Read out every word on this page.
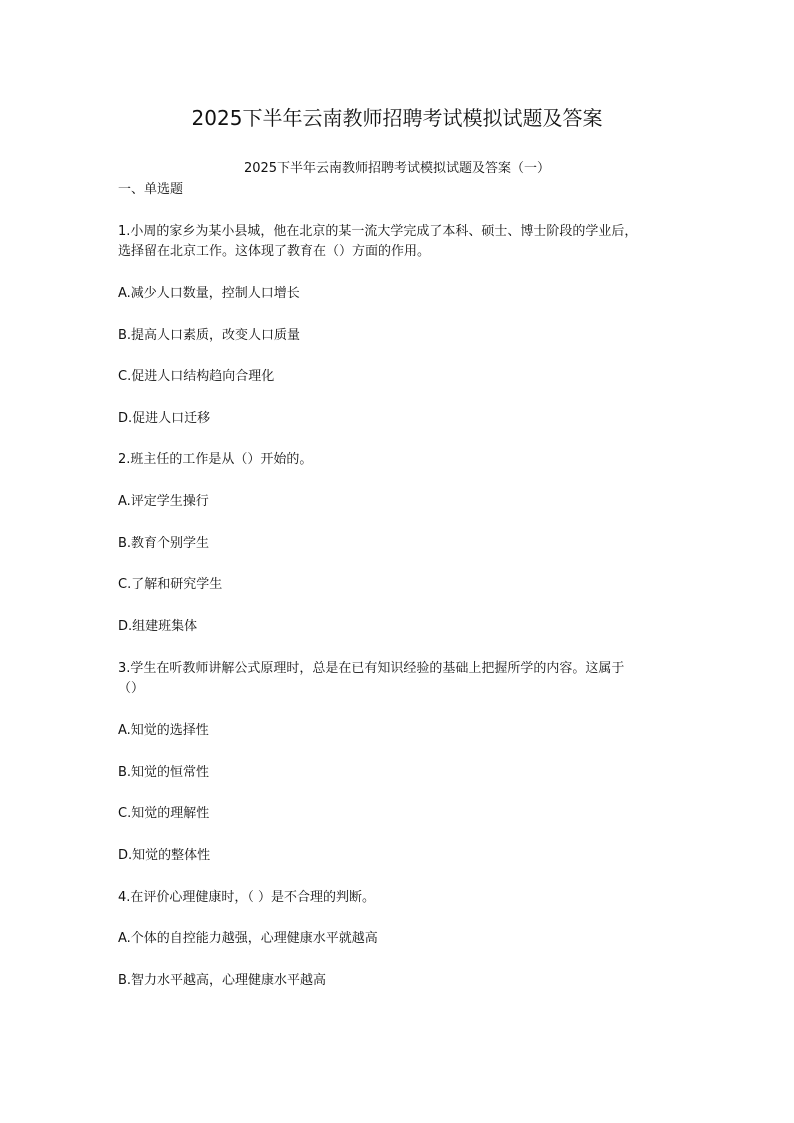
2025下半年云南教师招聘考试模拟试题及答案
2025下半年云南教师招聘考试模拟试题及答案（一）
一、单选题
1.小周的家乡为某小县城，他在北京的某一流大学完成了本科、硕士、博士阶段的学业后，
选择留在北京工作。这体现了教育在（）方面的作用。
A.减少人口数量，控制人口增长
B.提高人口素质，改变人口质量
C.促进人口结构趋向合理化
D.促进人口迁移
2.班主任的工作是从（）开始的。
A.评定学生操行
B.教育个别学生
C.了解和研究学生
D.组建班集体
3.学生在听教师讲解公式原理时，总是在已有知识经验的基础上把握所学的内容。这属于
（）
A.知觉的选择性
B.知觉的恒常性
C.知觉的理解性
D.知觉的整体性
4.在评价心理健康时，（ ）是不合理的判断。
A.个体的自控能力越强，心理健康水平就越高
B.智力水平越高，心理健康水平越高
